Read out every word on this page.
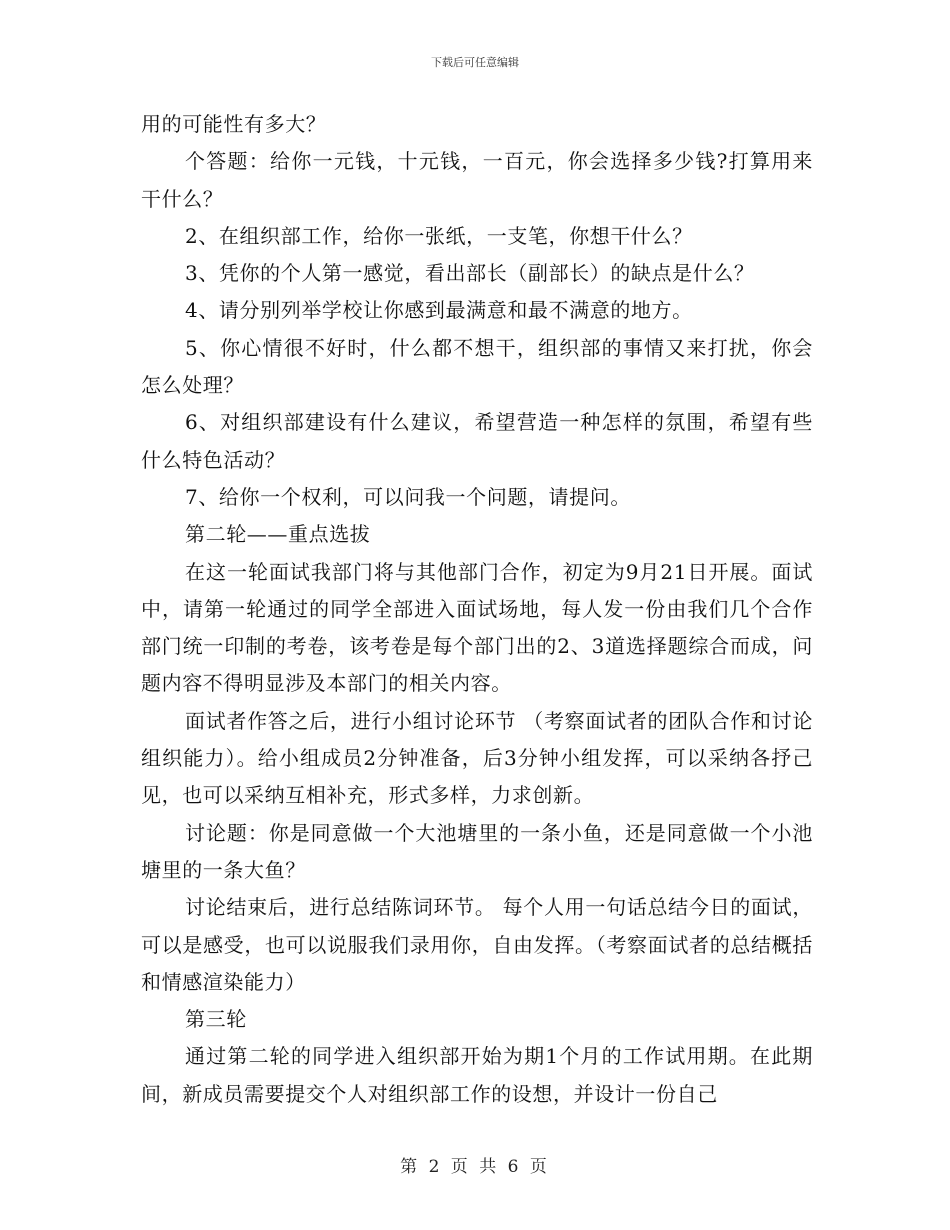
下载后可任意编辑

用的可能性有多大？

个答题：给你一元钱，十元钱，一百元，你会选择多少钱?打算用来干什么？

2、在组织部工作，给你一张纸，一支笔，你想干什么？

3、凭你的个人第一感觉，看出部长（副部长）的缺点是什么？

4、请分别列举学校让你感到最满意和最不满意的地方。

5、你心情很不好时，什么都不想干，组织部的事情又来打扰，你会怎么处理？

6、对组织部建设有什么建议，希望营造一种怎样的氛围，希望有些什么特色活动？

7、给你一个权利，可以问我一个问题，请提问。

第二轮——重点选拔

在这一轮面试我部门将与其他部门合作，初定为9月21日开展。面试中，请第一轮通过的同学全部进入面试场地，每人发一份由我们几个合作部门统一印制的考卷，该考卷是每个部门出的2、3道选择题综合而成，问题内容不得明显涉及本部门的相关内容。

面试者作答之后，进行小组讨论环节 （考察面试者的团队合作和讨论组织能力）。给小组成员2分钟准备，后3分钟小组发挥，可以采纳各抒己见，也可以采纳互相补充，形式多样，力求创新。

讨论题：你是同意做一个大池塘里的一条小鱼，还是同意做一个小池塘里的一条大鱼？

讨论结束后，进行总结陈词环节。 每个人用一句话总结今日的面试，可以是感受，也可以说服我们录用你，自由发挥。（考察面试者的总结概括和情感渲染能力）

第三轮

通过第二轮的同学进入组织部开始为期1个月的工作试用期。在此期间，新成员需要提交个人对组织部工作的设想，并设计一份自己

第 2 页 共 6 页
